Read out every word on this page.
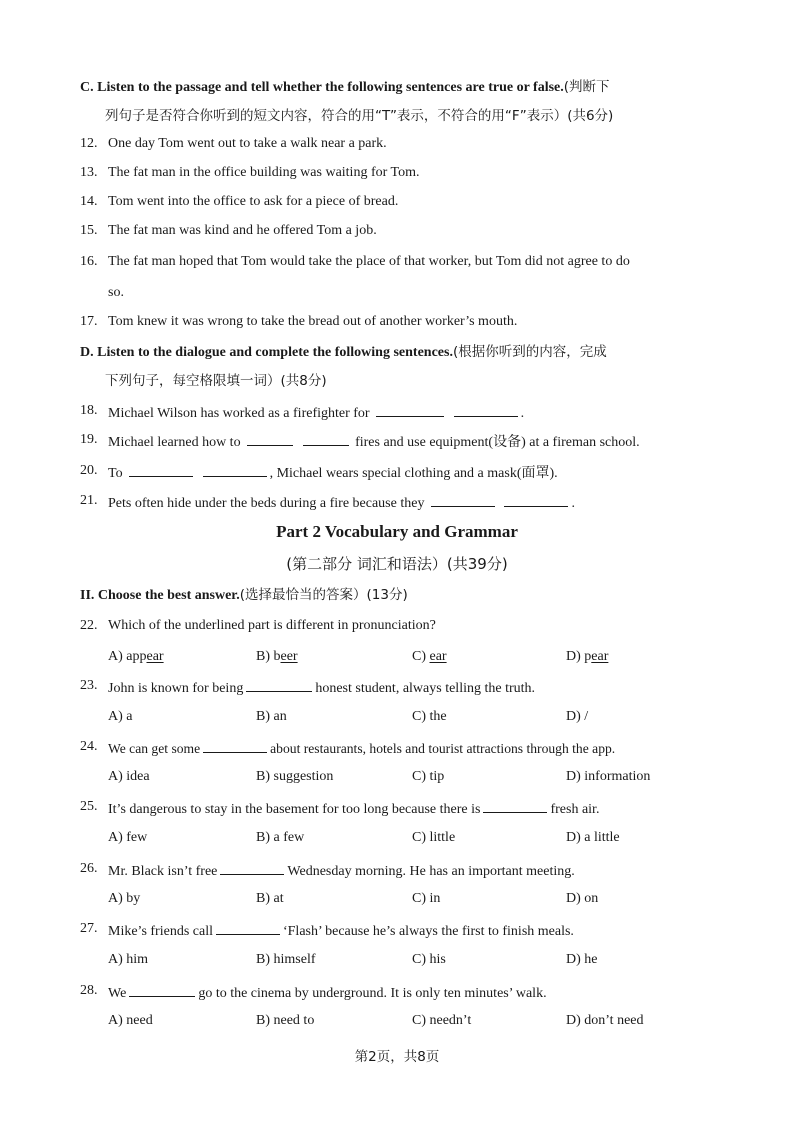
C. Listen to the passage and tell whether the following sentences are true or false.(判断下
列句子是否符合你听到的短文内容，符合的用“T”表示，不符合的用“F”表示）(共6分)
12. One day Tom went out to take a walk near a park.
13. The fat man in the office building was waiting for Tom.
14. Tom went into the office to ask for a piece of bread.
15. The fat man was kind and he offered Tom a job.
16. The fat man hoped that Tom would take the place of that worker, but Tom did not agree to do
so.
17. Tom knew it was wrong to take the bread out of another worker’s mouth.
D. Listen to the dialogue and complete the following sentences.(根据你听到的内容，完成
下列句子，每空格限填一词）(共8分)
18. Michael Wilson has worked as a firefighter for	.
19. Michael learned how to	fires and use equipment(设备) at a fireman school.
20. To	, Michael wears special clothing and a mask(面罩).
21. Pets often hide under the beds during a fire because they	.
Part 2 Vocabulary and Grammar
(第二部分 词汇和语法）(共39分)
II. Choose the best answer.(选择最恰当的答案）(13分)
22. Which of the underlined part is different in pronunciation?
A) appear	B) beer	C) ear	D) pear
23. John is known for being	honest student, always telling the truth.
A) a	B) an	C) the	D) /
24. We can get some	about restaurants, hotels and tourist attractions through the app.
A) idea	B) suggestion	C) tip	D) information
25. It’s dangerous to stay in the basement for too long because there is	fresh air.
A) few	B) a few	C) little	D) a little
26. Mr. Black isn’t free	Wednesday morning. He has an important meeting.
A) by	B) at	C) in	D) on
27. Mike’s friends call	‘Flash’ because he’s always the first to finish meals.
A) him	B) himself	C) his	D) he
28. We	go to the cinema by underground. It is only ten minutes’ walk.
A) need	B) need to	C) needn’t	D) don’t need
第2页，共8页
